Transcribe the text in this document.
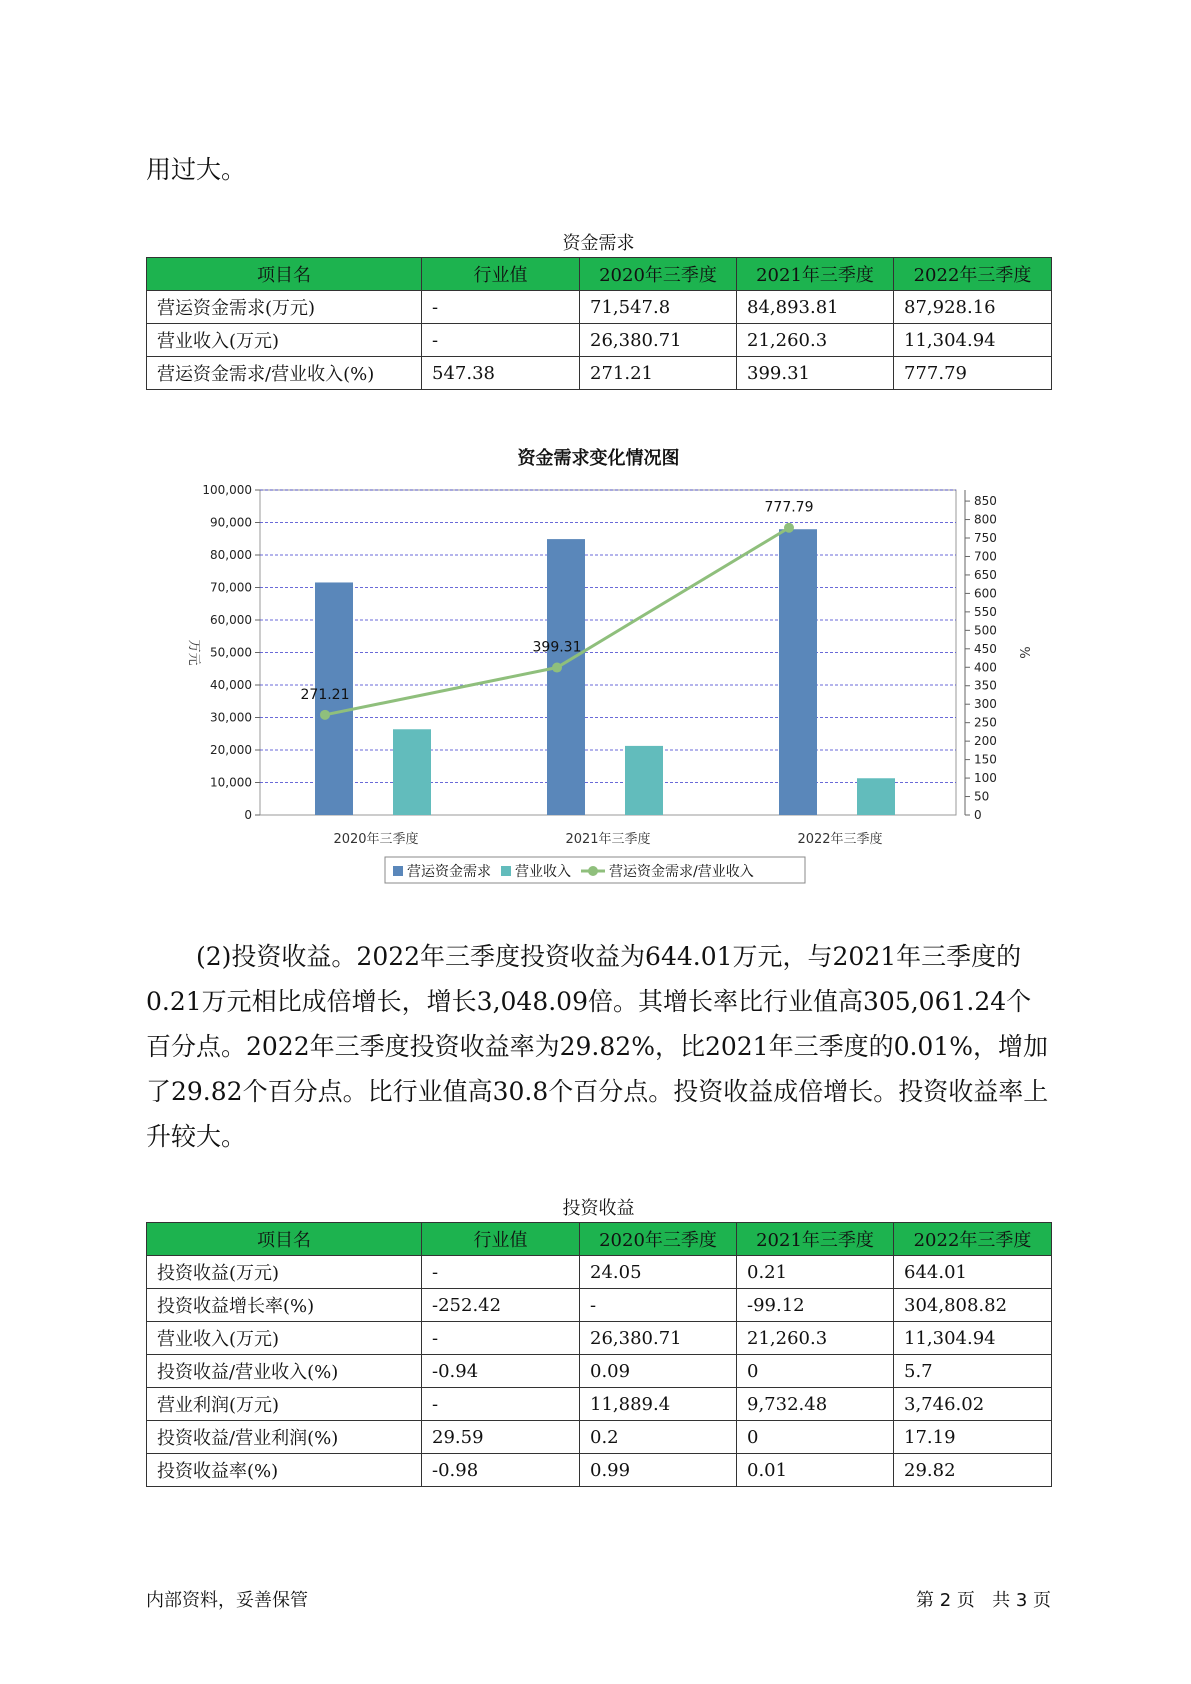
用过大。

资金需求
项目名	行业值	2020年三季度	2021年三季度	2022年三季度
营运资金需求(万元)	-	71,547.8	84,893.81	87,928.16
营业收入(万元)	-	26,380.71	21,260.3	11,304.94
营运资金需求/营业收入(%)	547.38	271.21	399.31	777.79
资金需求变化情况图
0
10,000
20,000
30,000
40,000
50,000
60,000
70,000
80,000
90,000
100,000
0
50
100
150
200
250
300
350
400
450
500
550
600
650
700
750
800
850
万元	%
2020年三季度	2021年三季度	2022年三季度
271.21
399.31
777.79
营运资金需求 营业收入	营运资金需求/营业收入

(2)投资收益。2022年三季度投资收益为644.01万元，与2021年三季度的0.21万元相比成倍增长，增长3,048.09倍。其增长率比行业值高305,061.24个百分点。2022年三季度投资收益率为29.82%，比2021年三季度的0.01%，增加了29.82个百分点。比行业值高30.8个百分点。投资收益成倍增长。投资收益率上升较大。

投资收益
项目名	行业值	2020年三季度	2021年三季度	2022年三季度
投资收益(万元)	-	24.05	0.21	644.01
投资收益增长率(%)	-252.42	-	-99.12	304,808.82
营业收入(万元)	-	26,380.71	21,260.3	11,304.94
投资收益/营业收入(%)	-0.94	0.09	0	5.7
营业利润(万元)	-	11,889.4	9,732.48	3,746.02
投资收益/营业利润(%)	29.59	0.2	0	17.19
投资收益率(%)	-0.98	0.99	0.01	29.82
内部资料，妥善保管	第 2 页 共 3 页
